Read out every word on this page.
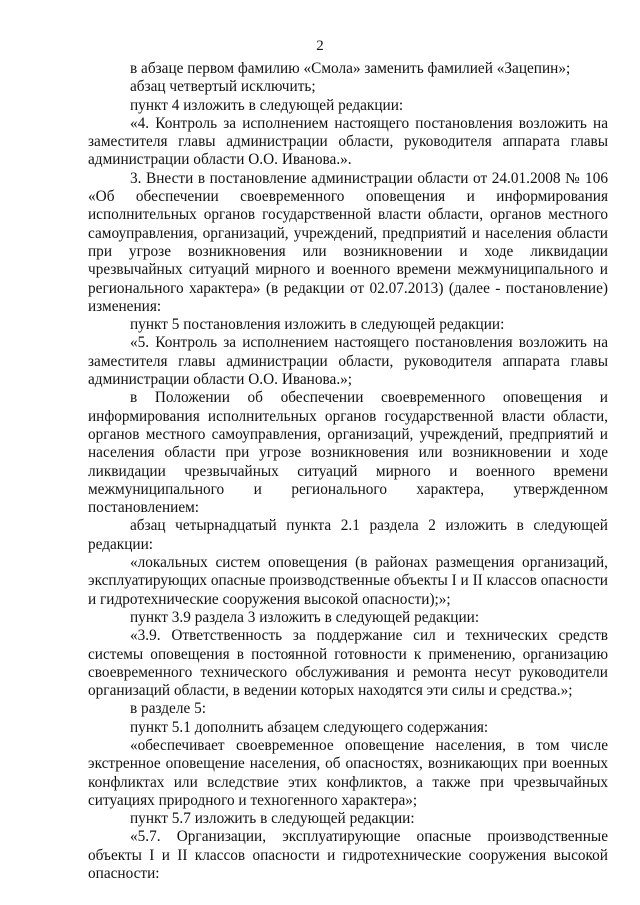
2

в абзаце первом фамилию «Смола» заменить фамилией «Зацепин»;

абзац четвертый исключить;

пункт 4 изложить в следующей редакции:

«4. Контроль за исполнением настоящего постановления возложить на заместителя главы администрации области, руководителя аппарата главы администрации области О.О. Иванова.».

3. Внести в постановление администрации области от 24.01.2008 № 106 «Об обеспечении своевременного оповещения и информирования исполнительных органов государственной власти области, органов местного самоуправления, организаций, учреждений, предприятий и населения области при угрозе возникновения или возникновении и ходе ликвидации чрезвычайных ситуаций мирного и военного времени межмуниципального и регионального характера» (в редакции от 02.07.2013) (далее - постановление) изменения:

пункт 5 постановления изложить в следующей редакции:

«5. Контроль за исполнением настоящего постановления возложить на заместителя главы администрации области, руководителя аппарата главы администрации области О.О. Иванова.»;

в Положении об обеспечении своевременного оповещения и информирования исполнительных органов государственной власти области, органов местного самоуправления, организаций, учреждений, предприятий и населения области при угрозе возникновения или возникновении и ходе ликвидации чрезвычайных ситуаций мирного и военного времени межмуниципального и регионального характера, утвержденном постановлением:

абзац четырнадцатый пункта 2.1 раздела 2 изложить в следующей редакции:

«локальных систем оповещения (в районах размещения организаций, эксплуатирующих опасные производственные объекты I и II классов опасности и гидротехнические сооружения высокой опасности);»;

пункт 3.9 раздела 3 изложить в следующей редакции:

«3.9. Ответственность за поддержание сил и технических средств системы оповещения в постоянной готовности к применению, организацию своевременного технического обслуживания и ремонта несут руководители организаций области, в ведении которых находятся эти силы и средства.»;

в разделе 5:

пункт 5.1 дополнить абзацем следующего содержания:

«обеспечивает своевременное оповещение населения, в том числе экстренное оповещение населения, об опасностях, возникающих при военных конфликтах или вследствие этих конфликтов, а также при чрезвычайных ситуациях природного и техногенного характера»;

пункт 5.7 изложить в следующей редакции:

«5.7. Организации, эксплуатирующие опасные производственные объекты I и II классов опасности и гидротехнические сооружения высокой опасности:
